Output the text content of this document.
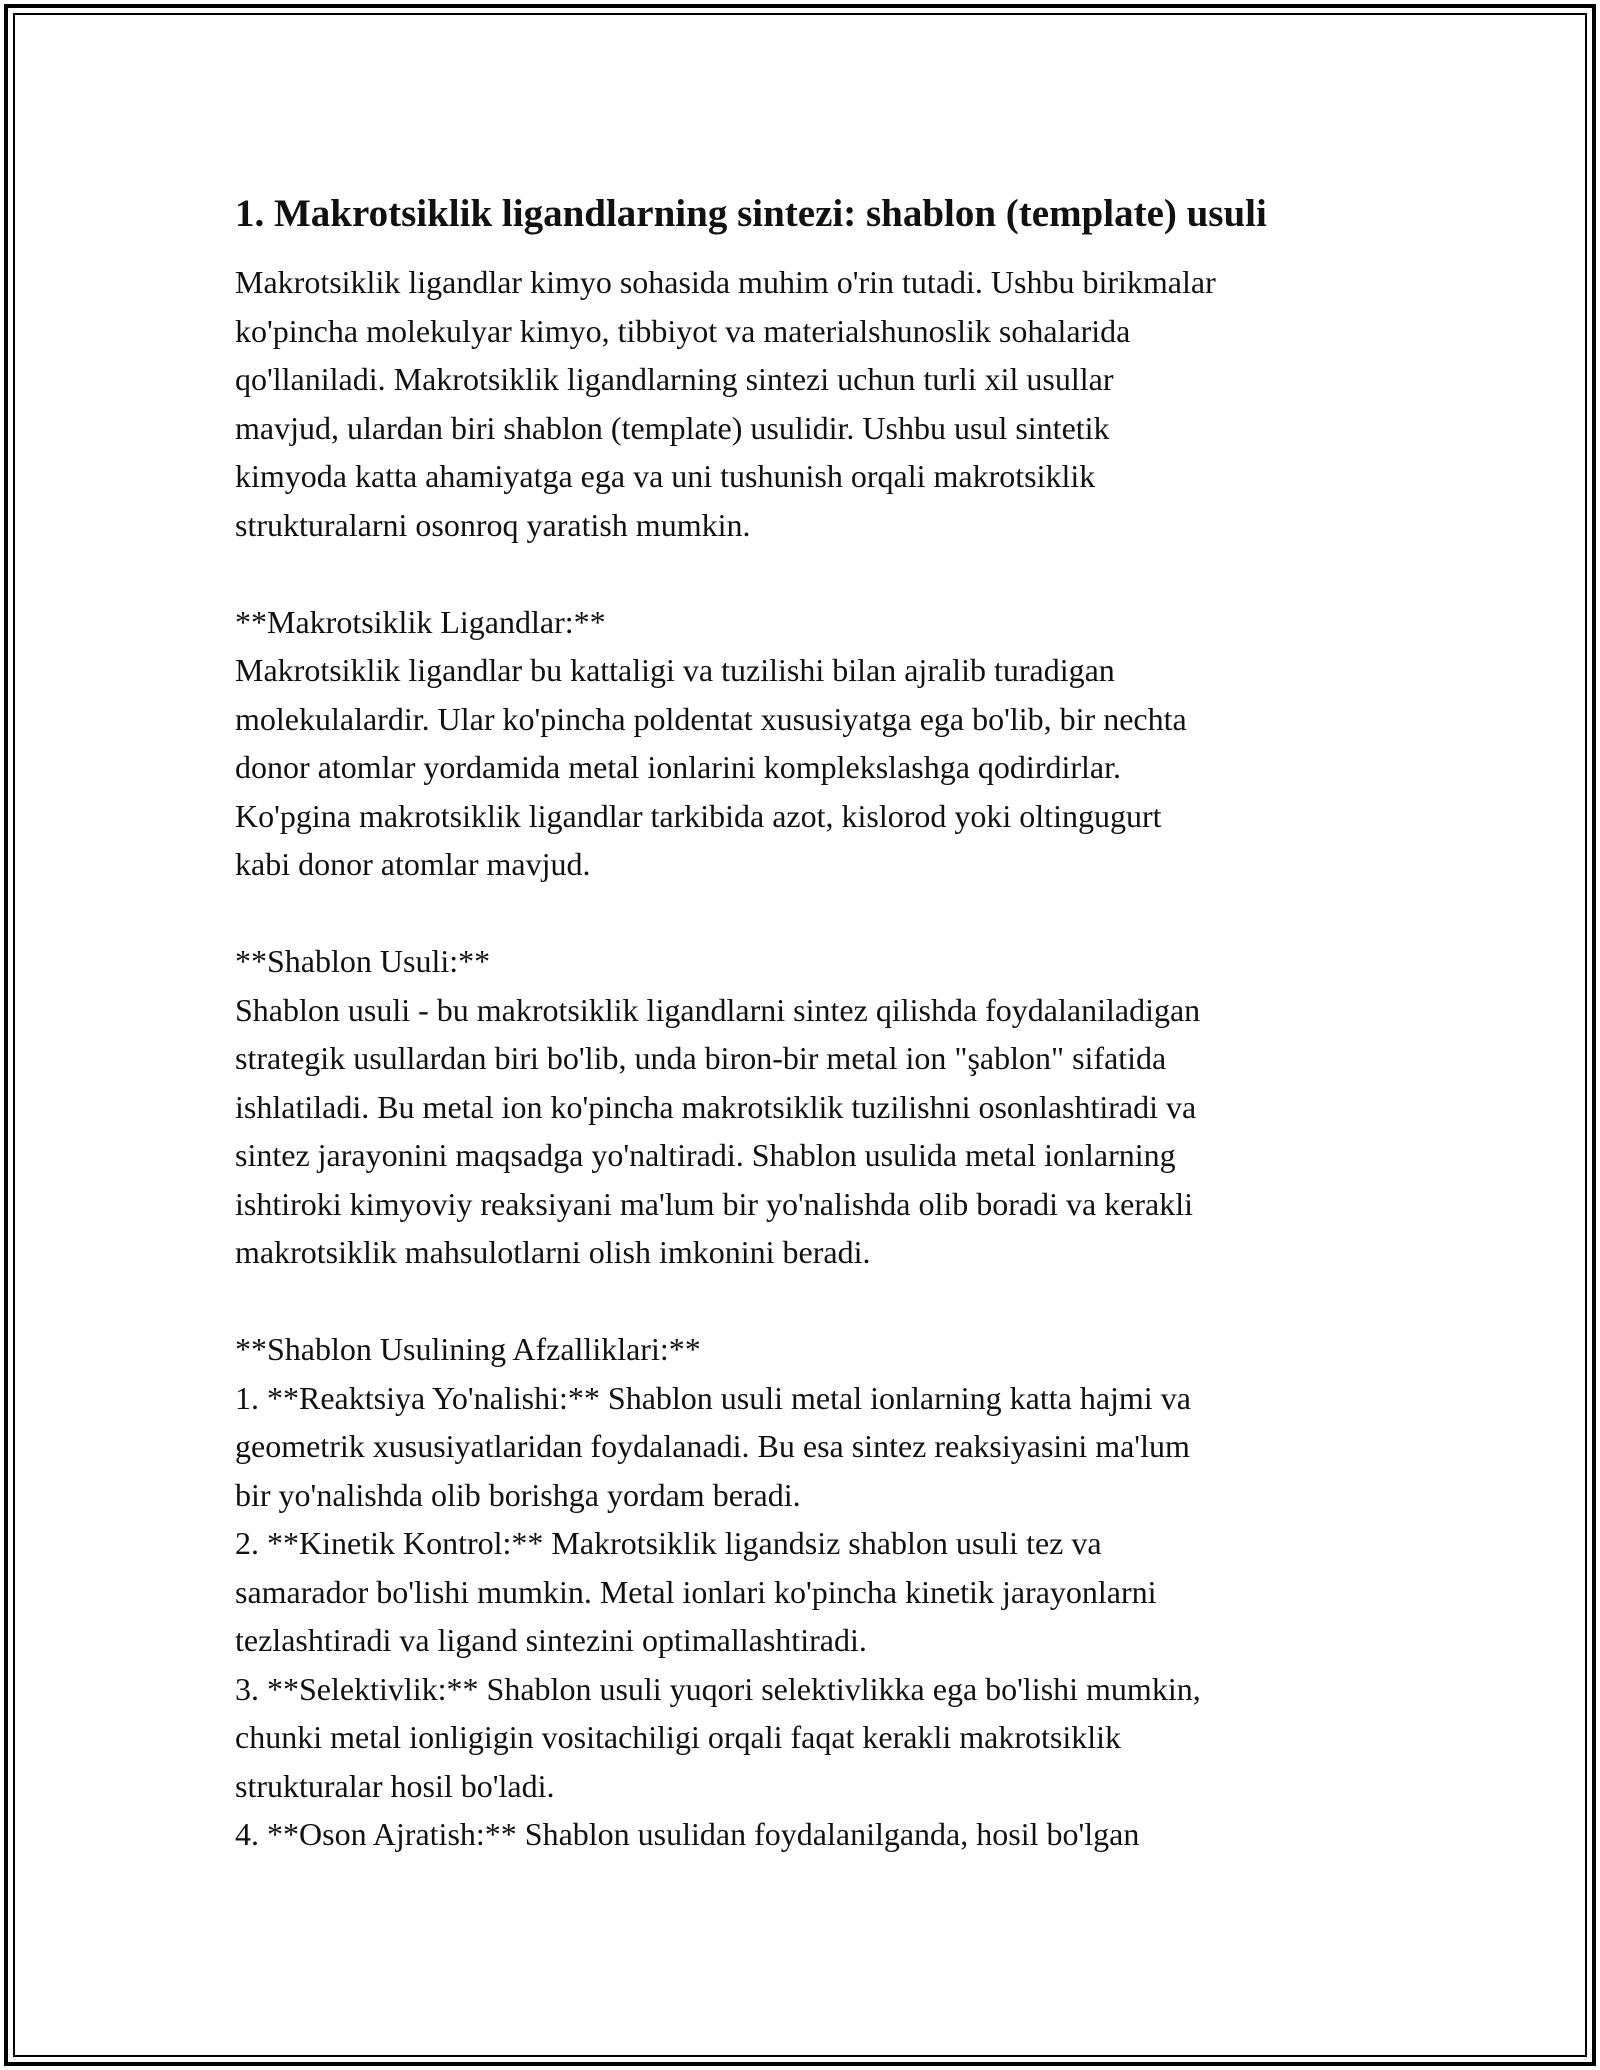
1. Makrotsiklik ligandlarning sintezi: shablon (template) usuli

Makrotsiklik ligandlar kimyo sohasida muhim o'rin tutadi. Ushbu birikmalar
ko'pincha molekulyar kimyo, tibbiyot va materialshunoslik sohalarida
qo'llaniladi. Makrotsiklik ligandlarning sintezi uchun turli xil usullar
mavjud, ulardan biri shablon (template) usulidir. Ushbu usul sintetik
kimyoda katta ahamiyatga ega va uni tushunish orqali makrotsiklik
strukturalarni osonroq yaratish mumkin.

**Makrotsiklik Ligandlar:**
Makrotsiklik ligandlar bu kattaligi va tuzilishi bilan ajralib turadigan
molekulalardir. Ular ko'pincha poldentat xususiyatga ega bo'lib, bir nechta
donor atomlar yordamida metal ionlarini komplekslashga qodirdirlar.
Ko'pgina makrotsiklik ligandlar tarkibida azot, kislorod yoki oltingugurt
kabi donor atomlar mavjud.

**Shablon Usuli:**
Shablon usuli - bu makrotsiklik ligandlarni sintez qilishda foydalaniladigan
strategik usullardan biri bo'lib, unda biron-bir metal ion "şablon" sifatida
ishlatiladi. Bu metal ion ko'pincha makrotsiklik tuzilishni osonlashtiradi va
sintez jarayonini maqsadga yo'naltiradi. Shablon usulida metal ionlarning
ishtiroki kimyoviy reaksiyani ma'lum bir yo'nalishda olib boradi va kerakli
makrotsiklik mahsulotlarni olish imkonini beradi.

**Shablon Usulining Afzalliklari:**
1. **Reaktsiya Yo'nalishi:** Shablon usuli metal ionlarning katta hajmi va
geometrik xususiyatlaridan foydalanadi. Bu esa sintez reaksiyasini ma'lum
bir yo'nalishda olib borishga yordam beradi.
2. **Kinetik Kontrol:** Makrotsiklik ligandsiz shablon usuli tez va
samarador bo'lishi mumkin. Metal ionlari ko'pincha kinetik jarayonlarni
tezlashtiradi va ligand sintezini optimallashtiradi.
3. **Selektivlik:** Shablon usuli yuqori selektivlikka ega bo'lishi mumkin,
chunki metal ionligigin vositachiligi orqali faqat kerakli makrotsiklik
strukturalar hosil bo'ladi.
4. **Oson Ajratish:** Shablon usulidan foydalanilganda, hosil bo'lgan
